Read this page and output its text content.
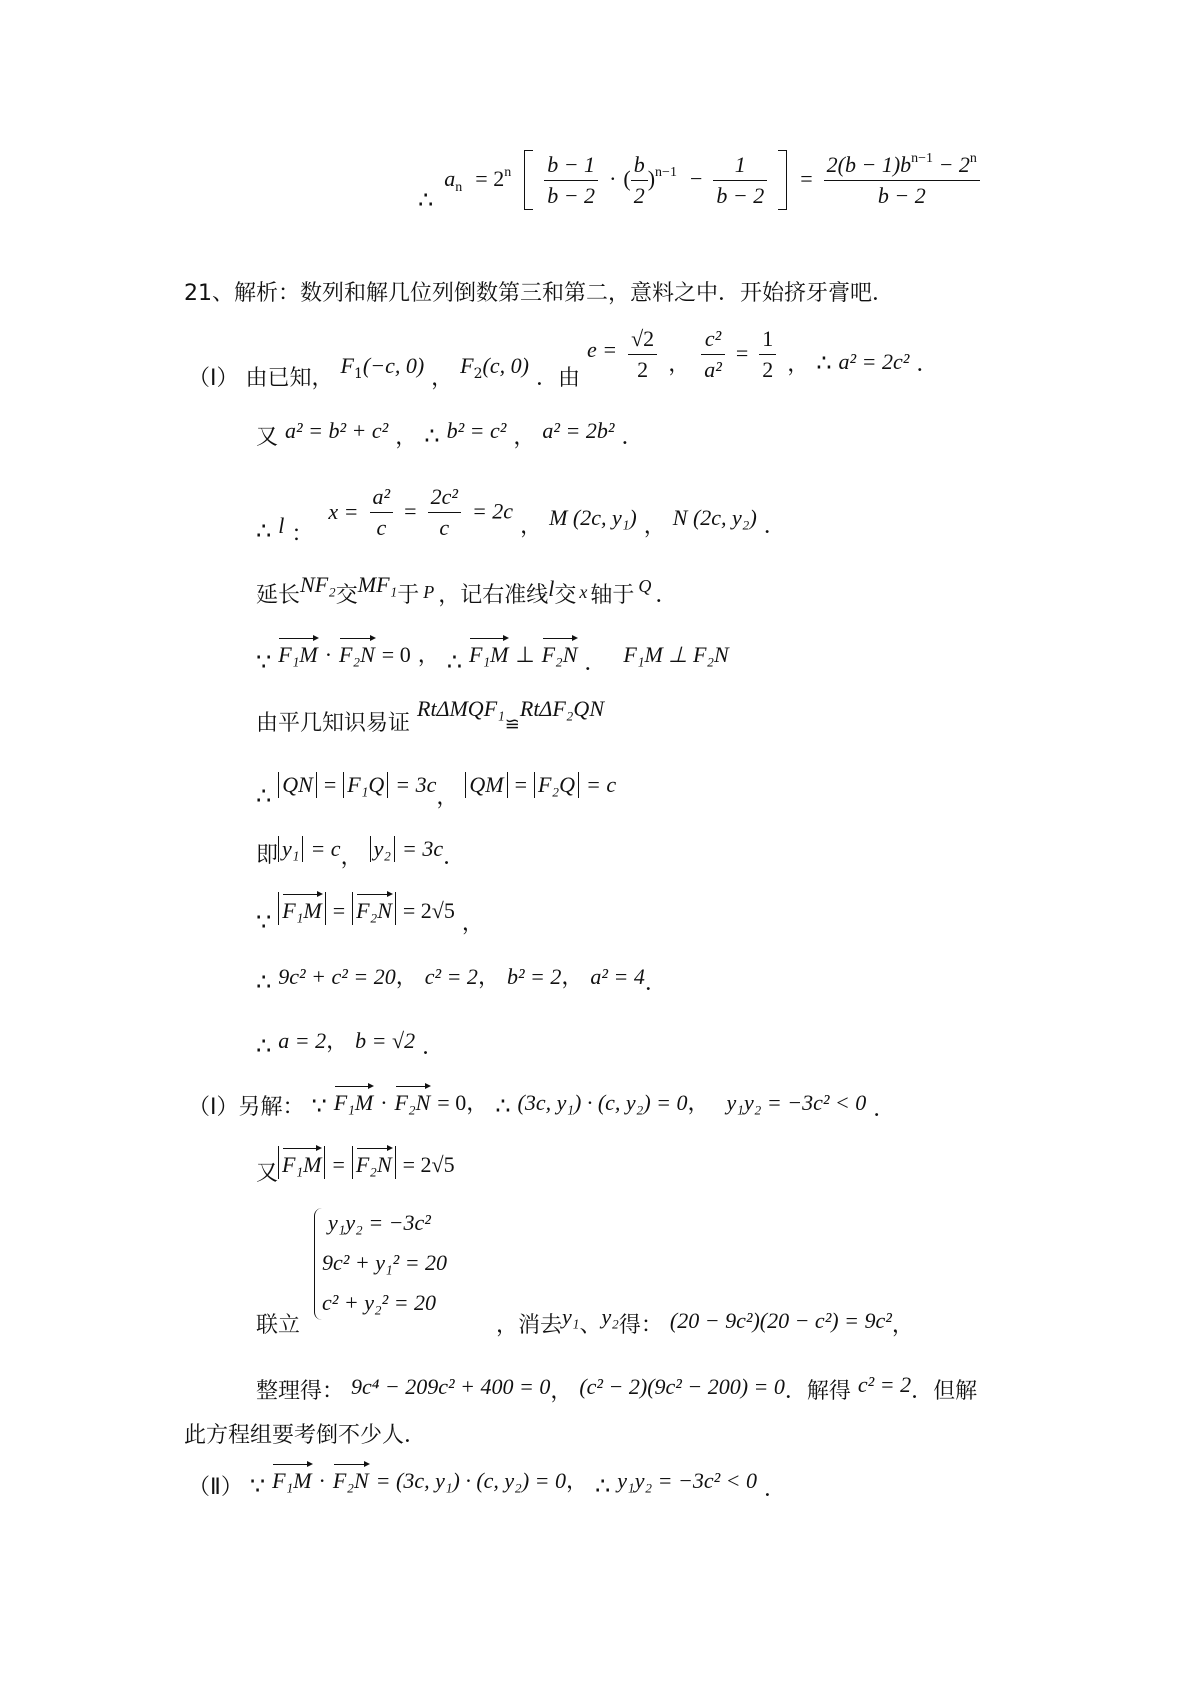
∴ $a_n = 2^n \frac{b - 1}{b - 2}$ · ( $\frac{b}{2} )^{n-1} - \frac{1}{b - 2} = \frac{2(b - 1)b^{n-1} - 2^n}{b - 2}$
21、解析：数列和解几位列倒数第三和第二，意料之中．开始挤牙膏吧．
（Ⅰ） 由已知， $F_1(-c$, 0) ， $F_2(c$, 0) ．由 $e = \frac{√2}{2}$ ， $\frac{\text{c²}}{\text{a²}} = \frac{1}{2}$ ， ∴ a² = 2c² ．
又 a² = b² + c² ， ∴ b² = c² ， a² = 2b² ．
∴ l ： $x = \frac{\text{a²}}{c} = \frac{\text{2c²}}{c} = 2c$ ， M (2c, y₁) ， N (2c, y₂) ．
延长NF₂交MF₁于 P ，记右准线l交 x 轴于 $^Q$ ．
∵ F₁M · F₂N = 0 ， ∴ F₁M ⊥ F₂N ． F₁M ⊥ F₂N
由平几知识易证 RtΔMQF₁≌RtΔF₂QN
∴ QN = F₁Q = 3c， QM = F₂Q = c
即 y₁ = c， y₂ = 3c．
∵ F₁M = F₂N = 2√5 ，
∴ 9c² + c² = 20， c² = 2， b² = 2， a² = 4．
∴ a = 2， b = √2 ．
（Ⅰ）另解： ∵ F₁M · F₂N = 0， ∴ (3c, y₁) · (c, y₂) = 0， y₁y₂ = −3c² < 0 ．
又 F₁M = F₂N = 2√5
y₁y₂ = −3c²
9c² + y₁² = 20
c² + y₂² = 20
联立	，消去y₁、y₂得： (20 − 9c²)(20 − c²) = 9c²，
整理得： 9c⁴ − 209c² + 400 = 0， (c² − 2)(9c² − 200) = 0．解得 c² = 2．但解
此方程组要考倒不少人．
（Ⅱ） ∵ F₁M · F₂N = (3c, y₁) · (c, y₂) = 0， ∴ y₁y₂ = −3c² < 0 ．
